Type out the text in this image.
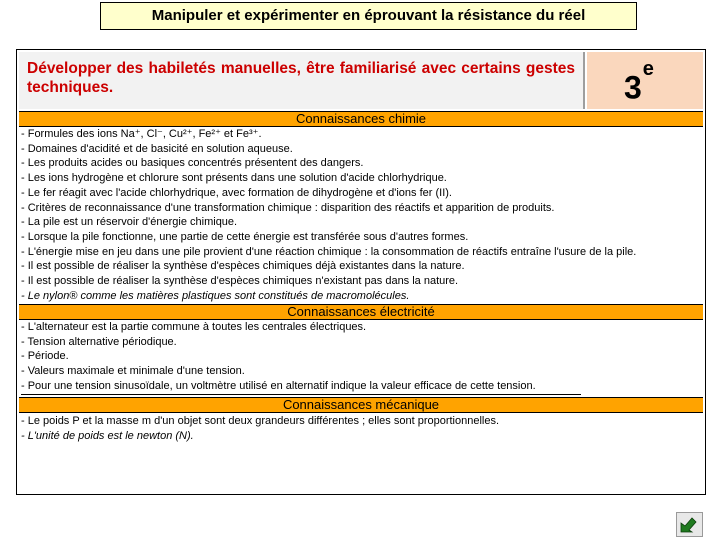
Manipuler et expérimenter en éprouvant la résistance du réel
Développer des habiletés manuelles, être familiarisé avec certains gestes techniques.	3e
Connaissances chimie
- Formules des ions Na⁺, Cl⁻, Cu²⁺, Fe²⁺ et Fe³⁺.
- Domaines d'acidité et de basicité en solution aqueuse.
- Les produits acides ou basiques concentrés présentent des dangers.
- Les ions hydrogène et chlorure sont présents dans une solution d'acide chlorhydrique.
- Le fer réagit avec l'acide chlorhydrique, avec formation de dihydrogène et d'ions fer (II).
- Critères de reconnaissance d'une transformation chimique : disparition des réactifs et apparition de produits.
- La pile est un réservoir d'énergie chimique.
- Lorsque la pile fonctionne, une partie de cette énergie est transférée sous d'autres formes.
- L'énergie mise en jeu dans une pile provient d'une réaction chimique : la consommation de réactifs entraîne l'usure de la pile.
- Il est possible de réaliser la synthèse d'espèces chimiques déjà existantes dans la nature.
- Il est possible de réaliser la synthèse d'espèces chimiques n'existant pas dans la nature.
- Le nylon® comme les matières plastiques sont constitués de macromolécules.
Connaissances électricité
- L'alternateur est la partie commune à toutes les centrales électriques.
- Tension alternative périodique.
- Période.
- Valeurs maximale et minimale d'une tension.
- Pour une tension sinusoïdale, un voltmètre utilisé en alternatif indique la valeur efficace de cette tension.
Connaissances mécanique
- Le poids P et la masse m d'un objet sont deux grandeurs différentes ; elles sont proportionnelles.
- L'unité de poids est le newton (N).
